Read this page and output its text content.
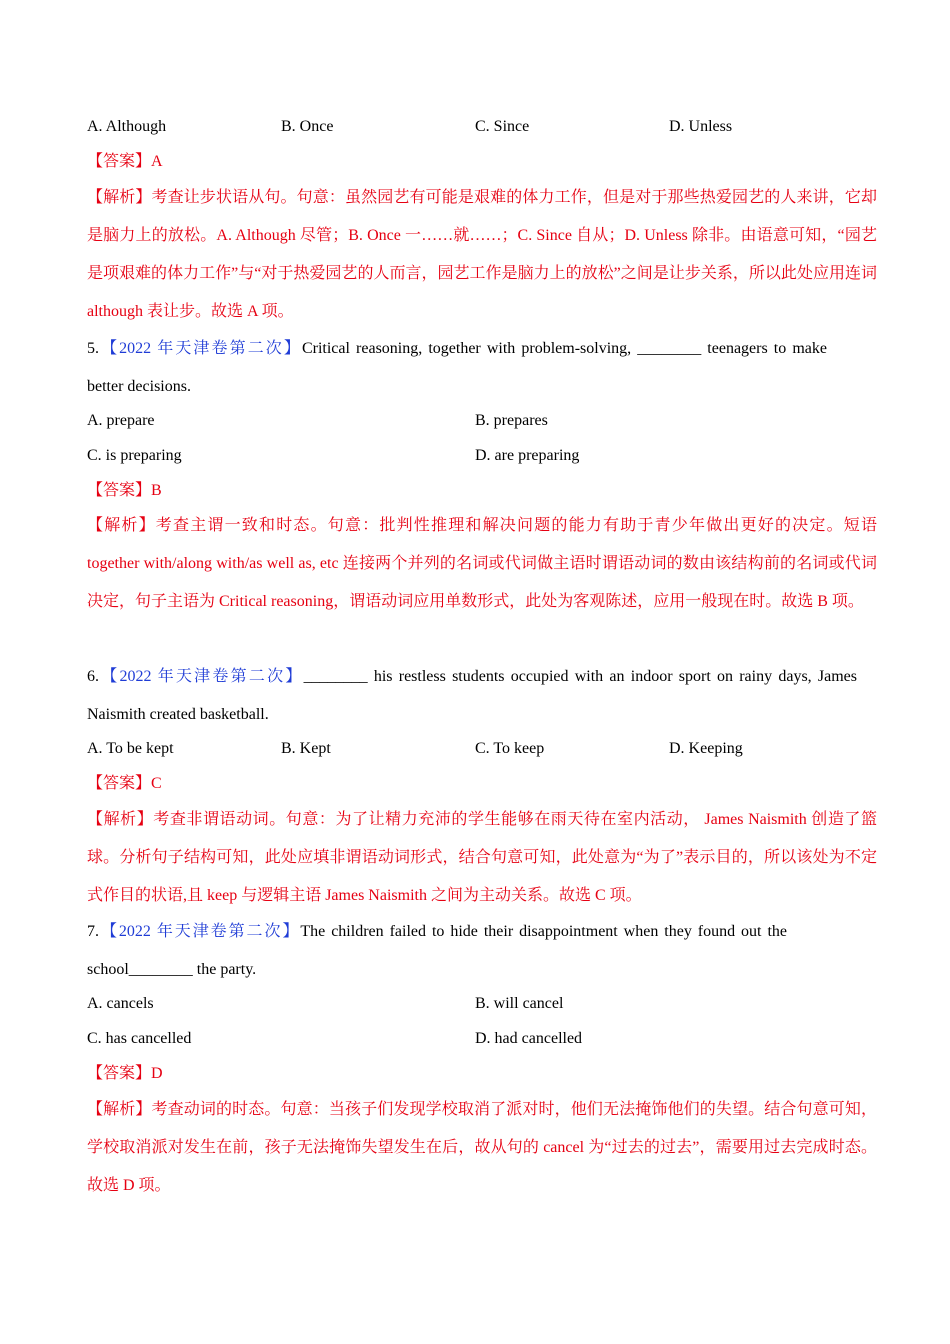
A. Although	B. Once	C. Since	D. Unless
【答案】A
【解析】考查让步状语从句。句意：虽然园艺有可能是艰难的体力工作，但是对于那些热爱园艺的人来讲，它却是脑力上的放松。A. Although 尽管；B. Once 一……就……；C. Since 自从；D. Unless 除非。由语意可知，“园艺是项艰难的体力工作”与“对于热爱园艺的人而言，园艺工作是脑力上的放松”之间是让步关系，所以此处应用连词 although 表让步。故选 A 项。
5.【2022 年天津卷第二次】Critical reasoning, together with problem-solving, ________ teenagers to make better decisions.
A. prepare	B. prepares
C. is preparing	D. are preparing
【答案】B
【解析】考查主谓一致和时态。句意：批判性推理和解决问题的能力有助于青少年做出更好的决定。短语 together with/along with/as well as, etc 连接两个并列的名词或代词做主语时谓语动词的数由该结构前的名词或代词决定，句子主语为 Critical reasoning，谓语动词应用单数形式，此处为客观陈述，应用一般现在时。故选 B 项。
6.【2022 年天津卷第二次】________ his restless students occupied with an indoor sport on rainy days, James Naismith created basketball.
A. To be kept	B. Kept	C. To keep	D. Keeping
【答案】C
【解析】考查非谓语动词。句意：为了让精力充沛的学生能够在雨天待在室内活动， James Naismith 创造了篮球。分析句子结构可知，此处应填非谓语动词形式，结合句意可知，此处意为“为了”表示目的，所以该处为不定式作目的状语,且 keep 与逻辑主语 James Naismith 之间为主动关系。故选 C 项。
7.【2022 年天津卷第二次】The children failed to hide their disappointment when they found out the school________ the party.
A. cancels	B. will cancel
C. has cancelled	D. had cancelled
【答案】D
【解析】考查动词的时态。句意：当孩子们发现学校取消了派对时，他们无法掩饰他们的失望。结合句意可知，学校取消派对发生在前，孩子无法掩饰失望发生在后，故从句的 cancel 为“过去的过去”，需要用过去完成时态。故选 D 项。
